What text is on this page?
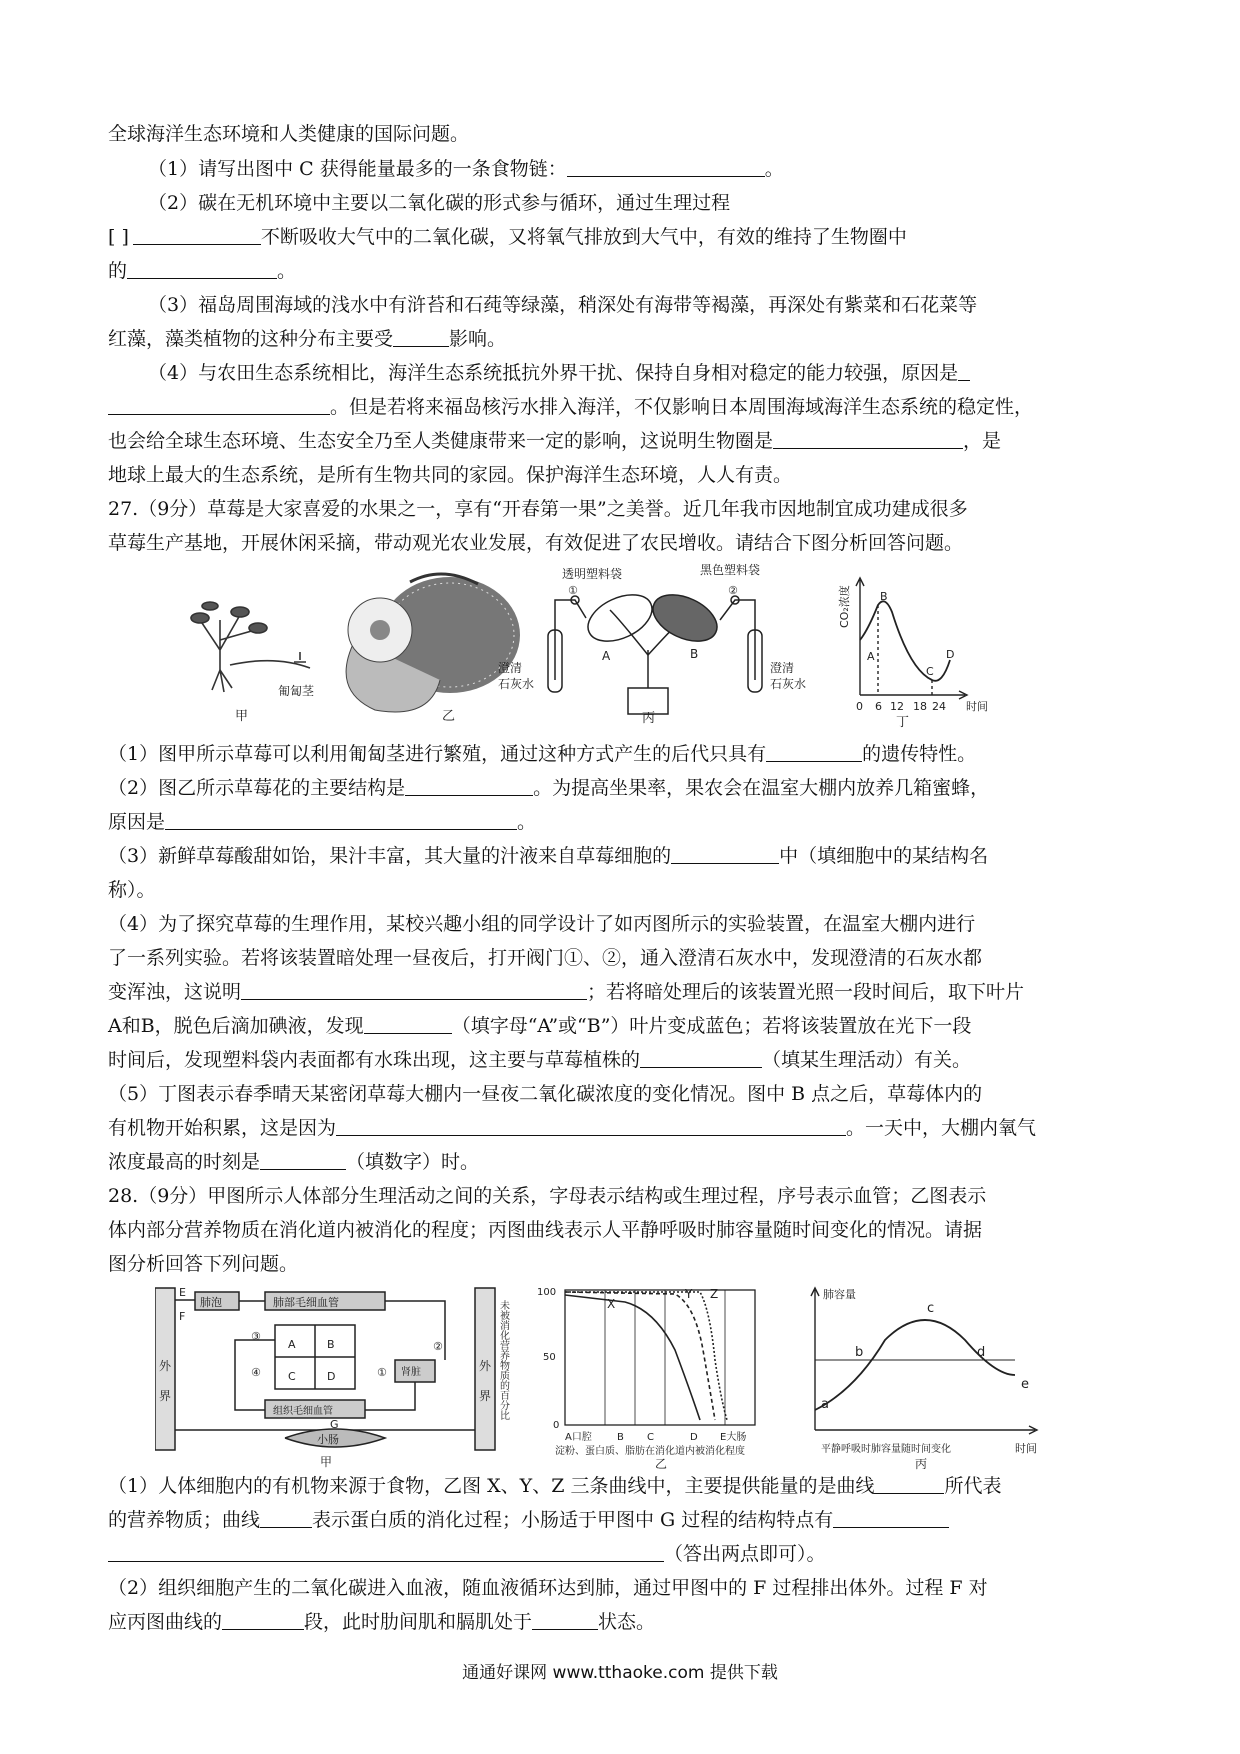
全球海洋生态环境和人类健康的国际问题。
（1）请写出图中 C 获得能量最多的一条食物链：	。
（2）碳在无机环境中主要以二氧化碳的形式参与循环，通过生理过程
[ ]	不断吸收大气中的二氧化碳，又将氧气排放到大气中，有效的维持了生物圈中
的	。
（3）福岛周围海域的浅水中有浒苔和石莼等绿藻，稍深处有海带等褐藻，再深处有紫菜和石花菜等
红藻，藻类植物的这种分布主要受	影响。
（4）与农田生态系统相比，海洋生态系统抵抗外界干扰、保持自身相对稳定的能力较强，原因是
。但是若将来福岛核污水排入海洋，不仅影响日本周围海域海洋生态系统的稳定性，
也会给全球生态环境、生态安全乃至人类健康带来一定的影响，这说明生物圈是	，是
地球上最大的生态系统，是所有生物共同的家园。保护海洋生态环境，人人有责。
27.（9分）草莓是大家喜爱的水果之一，享有“开春第一果”之美誉。近几年我市因地制宜成功建成很多
草莓生产基地，开展休闲采摘，带动观光农业发展，有效促进了农民增收。请结合下图分析回答问题。
匍匐茎
甲	乙
透明塑料袋	黑色塑料袋
①	②
A	B
澄清
石灰水
澄清
石灰水
丙
CO₂浓度
时间
0 6 12 18 24
A
B
C
D
丁
（1）图甲所示草莓可以利用匍匐茎进行繁殖，通过这种方式产生的后代只具有	的遗传特性。
（2）图乙所示草莓花的主要结构是	。为提高坐果率，果农会在温室大棚内放养几箱蜜蜂，
原因是	。
（3）新鲜草莓酸甜如饴，果汁丰富，其大量的汁液来自草莓细胞的	中（填细胞中的某结构名
称）。
（4）为了探究草莓的生理作用，某校兴趣小组的同学设计了如丙图所示的实验装置，在温室大棚内进行
了一系列实验。若将该装置暗处理一昼夜后，打开阀门①、②，通入澄清石灰水中，发现澄清的石灰水都
变浑浊，这说明	；若将暗处理后的该装置光照一段时间后，取下叶片
A和B，脱色后滴加碘液，发现	（填字母“A”或“B”）叶片变成蓝色；若将该装置放在光下一段
时间后，发现塑料袋内表面都有水珠出现，这主要与草莓植株的	（填某生理活动）有关。
（5）丁图表示春季晴天某密闭草莓大棚内一昼夜二氧化碳浓度的变化情况。图中 B 点之后，草莓体内的
有机物开始积累，这是因为	。一天中，大棚内氧气
浓度最高的时刻是	（填数字）时。
28.（9分）甲图所示人体部分生理活动之间的关系，字母表示结构或生理过程，序号表示血管；乙图表示
体内部分营养物质在消化道内被消化的程度；丙图曲线表示人平静呼吸时肺容量随时间变化的情况。请据
图分析回答下列问题。
肺泡	肺部毛细血管
外
界
外
界
F
E
G
A	B
C	D
③
④	①
②
肾脏
组织毛细血管
小肠
甲
100
50
0
未被消化营养物质的百分比	X
Y Z
A口腔	B C	D E大肠
淀粉、蛋白质、脂肪在消化道内被消化程度
乙
肺容量
时间
a
b
c
d
e
平静呼吸时肺容量随时间变化
丙
（1）人体细胞内的有机物来源于食物，乙图 X、Y、Z 三条曲线中，主要提供能量的是曲线	所代表
的营养物质；曲线	表示蛋白质的消化过程；小肠适于甲图中 G 过程的结构特点有
（答出两点即可）。
（2）组织细胞产生的二氧化碳进入血液，随血液循环达到肺，通过甲图中的 F 过程排出体外。过程 F 对
应丙图曲线的	段，此时肋间肌和膈肌处于	状态。
通通好课网 www.tthaoke.com 提供下载
